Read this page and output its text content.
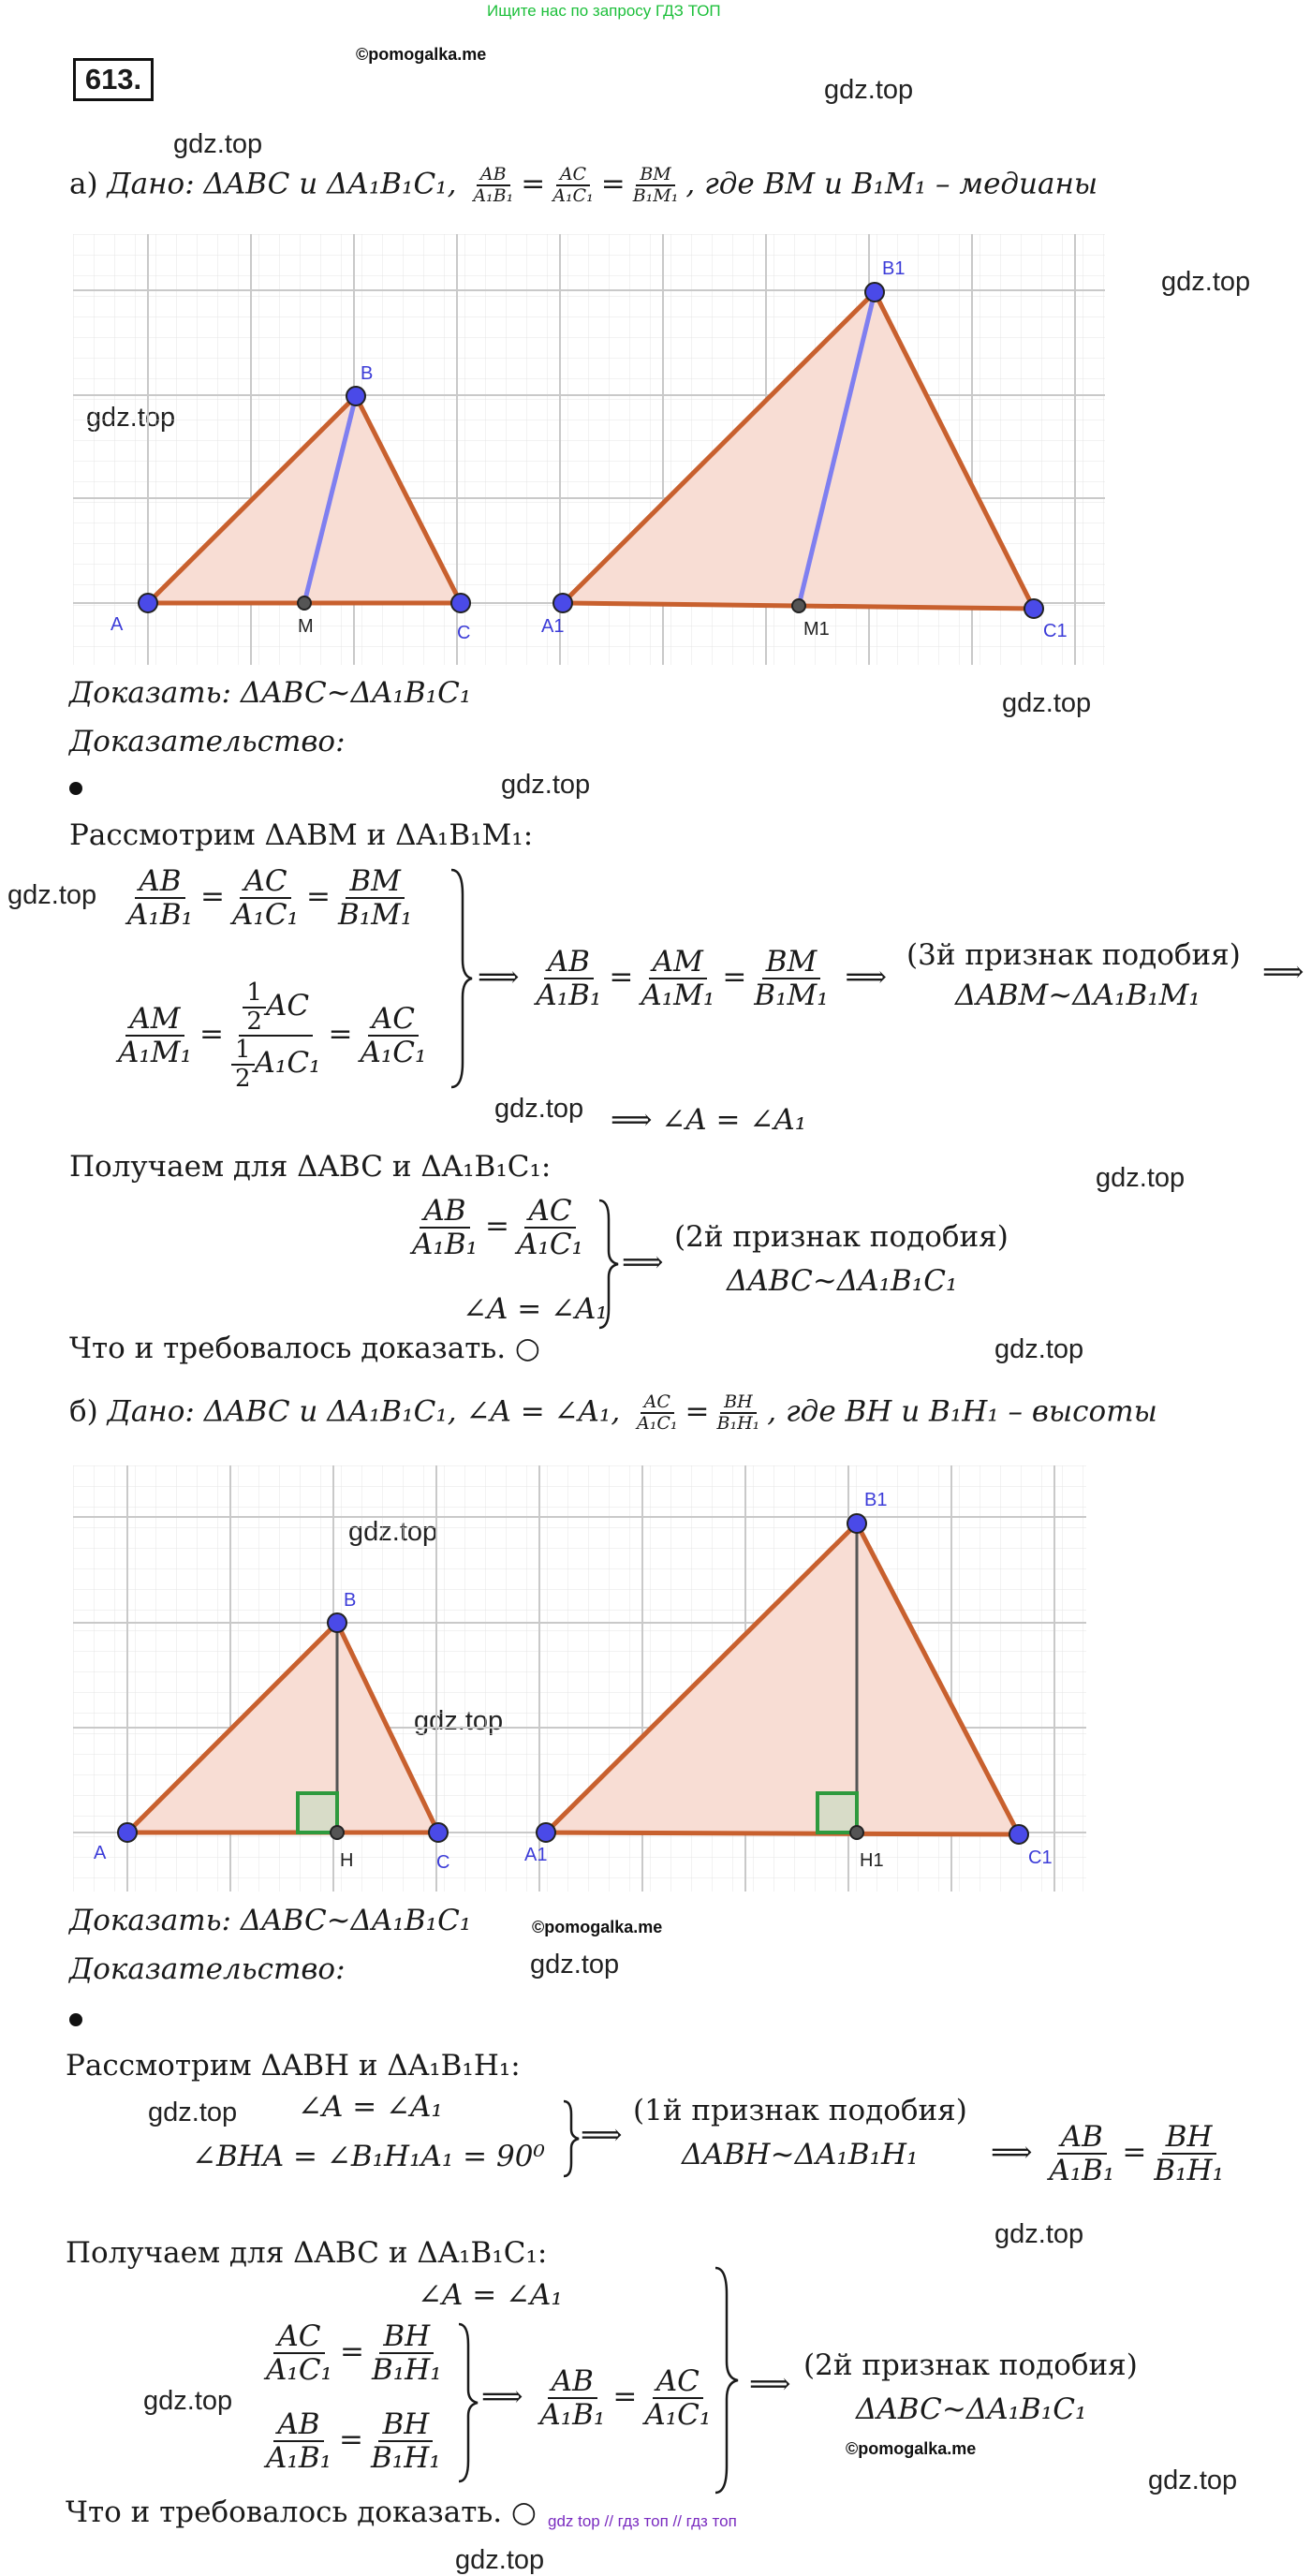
Ищите нас по запросу ГДЗ ТОП
gdz top // гдз топ // гдз топ
613.
©pomogalka.me
gdz.top
gdz.top
gdz.top
gdz.top
gdz.top
gdz.top
gdz.top
gdz.top
gdz.top
gdz.top
gdz.top
gdz.top
gdz.top
gdz.top
gdz.top
©pomogalka.me
©pomogalka.me
а) Дано: ΔABC и ΔA₁B₁C₁, $\frac{AB}{\text{A₁B₁}} = \frac{AC}{\text{A₁C₁}} = \frac{BM}{\text{B₁M₁}}$ , где BM и B₁M₁ – медианы
A
B
C
M	A1
B1
C1
M1
Доказать: ΔABC~ΔA₁B₁C₁
Доказательство:
Рассмотрим ΔABM и ΔA₁B₁M₁:
$\frac{AB}{\text{A₁B₁}} = \frac{AC}{\text{A₁C₁}} = \frac{BM}{\text{B₁M₁}}$
$\frac{AM}{\text{A₁M₁}} = \frac{\frac{1}{2} AC}{\frac{1}{2} A_1C_1} = \frac{AC}{\text{A₁C₁}}$
⟹ $\frac{AB}{\text{A₁B₁}} = \frac{AM}{\text{A₁M₁}} = \frac{BM}{\text{B₁M₁}}$ ⟹
(3й признак подобия)
ΔABM~ΔA₁B₁M₁
⟹
⟹ ∠A = ∠A₁
Получаем для ΔABC и ΔA₁B₁C₁:
$\frac{AB}{\text{A₁B₁}} = \frac{AC}{\text{A₁C₁}}$
∠A = ∠A₁
⟹
(2й признак подобия)
ΔABC~ΔA₁B₁C₁
Что и требовалось доказать. ○
б) Дано: ΔABC и ΔA₁B₁C₁, ∠A = ∠A₁, $\frac{AC}{\text{A₁C₁}} = \frac{BH}{\text{B₁H₁}}$ , где BH и B₁H₁ – высоты
A
B
C
H	A1
B1
C1
H1
Доказать: ΔABC~ΔA₁B₁C₁
Доказательство:
Рассмотрим ΔABH и ΔA₁B₁H₁:
∠A = ∠A₁
∠BHA = ∠B₁H₁A₁ = 90⁰
⟹
(1й признак подобия)
ΔABH~ΔA₁B₁H₁	⟹ $\frac{AB}{\text{A₁B₁}} = \frac{BH}{\text{B₁H₁}}$
Получаем для ΔABC и ΔA₁B₁C₁:
∠A = ∠A₁
$\frac{AC}{\text{A₁C₁}} = \frac{BH}{\text{B₁H₁}}$
$\frac{AB}{\text{A₁B₁}} = \frac{BH}{\text{B₁H₁}}$
⟹ $\frac{AB}{\text{A₁B₁}} = \frac{AC}{\text{A₁C₁}}$ ⟹
(2й признак подобия)
ΔABC~ΔA₁B₁C₁
Что и требовалось доказать. ○
